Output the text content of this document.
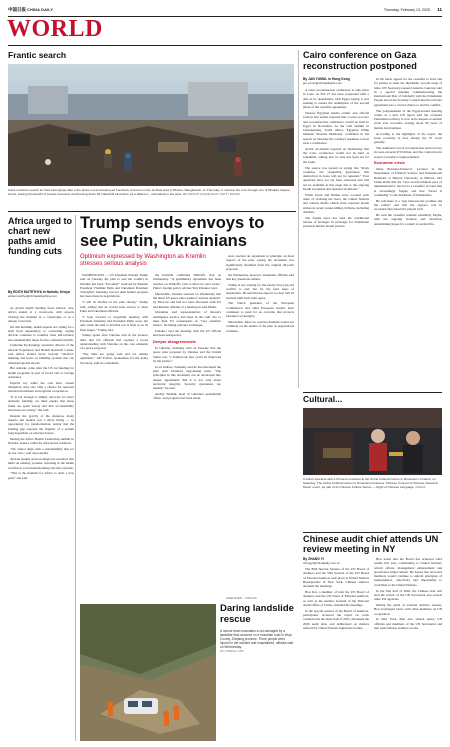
中国日报 CHINA DAILY	Thursday, February 13, 2025 11
WORLD
Frantic search
Gaza residents search for their belongings after a fire broke out and destroyed hundreds of homes in the al-Sisat area in Bhaina, Bangladesh, on Thursday. A massive fire tore through one of Dhaka's largest slums, leaving thousands of people homeless and burning down 48 makeshift structures (of a different... estimated) in the area. MD RAFAYAT HAQUE KHAN / GETTY IMAGES
Cairo conference on Gaza reconstruction postponed
By JAN YUMUL in Hong Kong
jan.yumul@chinadailyhk.com

A Gaza reconstruction conference to take place in Cairo on Feb 27 has been postponed until a date to be determined, with Egypt saying it was seeking to ensure the resumption of the second phase of the ceasefire agreement.

Various Egyptian media outlets and official sources had earlier reported that a Gaza recovery and reconstruction conference would be held in Egypt in November. At the G20 summit in Johannesburg, South Africa, Egyptian Prime Minister Mostafa Madbouly confirmed in his speech on Saturday his country's readiness to host such a conference.

Arabic Al-Ahram reported on Wednesday that the Cairo conference would not be held as scheduled, adding that no date has been set for the event.

The source was quoted as saying that "many countries are requesting guarantees that destruction in Gaza will not be repeated." Your questions have not yet been answered and will not be available at this stage due to the ongoing Israeli escalation and repeated violations."

While Israel and Hamas have accused each other of violating the truce, the United Nations and various media outlets have reported Israeli strikes in recent weeks killing civilians, including children.

The fragile truce has seen the conditional release of hostages in exchange for Palestinian prisoners held in Israeli prisons.

In his latest appeal for the ceasefire to hold and for parties to enter the diplomatic second stage of talks, UN Secretary-General Antonio Guterres said in a special meeting commemorating the International Day of Solidarity with the Palestinian People and at the Security Council that the October agreement was a crucial chance to end the conflict.

The postponement of the Egypt-hosted meeting comes as a new UN report said the occupied Palestinian territory is now in its deepest economic crisis ever recorded, erasing about 69 years of human development.

According to the highlights of the report, the Gaza economy is now among the 10 worst globally.

The estimated cost of reconstruction and recovery in Gaza exceeds $70 billion, and the contraction in Gaza's economy is unprecedented.

Economic crisis

Omar Bertrand-Jurinovic, Lecturer in the Department of Political Science and International Relations at Hebron University in Hebron, told China Daily that the "slow and incomplete pace of implementation" has led to a ceasefire in Gaza that is exceedingly fragile, and that "Israel is continuing" to the detriment of Palestinians.

He said there is a "gap between the promise and the reality" and that the region's role in reconstruction should be played well.

He said the ceasefire remains extremely fragile, with the ongoing violence and violations undermining hopes for a return to normal life.

Africa urged to chart new paths amid funding cuts
By EDITH MUTETHYA in Nairobi, Kenya
editemutethya@chinadailyafrica.com

As global health funding faces historic cuts, Africa stands at a crossroads, with experts viewing the moment as a catastrophe or as a unique correction.

On that hardship, health experts are calling for a shift from dependency to ownership, urging African countries to redefine what self-reliance and sustainability mean for the continent's health.

Catherine Kyobutungi, executive director of the African Population and Health Research Center, said Africa should move beyond "aid-first" thinking and focus on building systems that can withstand global shocks.

Her remarks come after the US cut funding for health programs as part of broad cuts to foreign assistance.

Experts say while the cuts have caused disruption, they also offer a chance for renewed national investment and regional cooperation.

"It is not enough to simply advocate for more domestic funding; we must ensure that those funds are spent wisely and that accountability structures are strong," she said.

Despite the gravity of the situation, many experts and leaders saw a silver lining — an opportunity for transformation, noting that the funding gap exposed the fragility of a system long dependent on external donors.

During the Africa Health Leadership summit in Nairobi, leaders called for African-led solutions.

"We cannot align with a sustainability that we do not own," said one panelist.

African leaders stress homegrown solutions that build on existing systems, investing in the health workforce, local manufacturing and data systems.

"This is the moment for Africa to chart a new path," she said.

Trump sends envoys to see Putin, Ukrainians
Optimism expressed by Washington as Kremlin stresses serious analysis

WASHINGTON — US President Donald Trump said on Tuesday his plan to end the conflict in Ukraine has been "favorably" received by Russian President Vladimir Putin and Ukrainian President Volodymyr Zelensky, but not until further progress has been made in negotiations.

"I will be briefed on the plan shortly," Trump said, adding that he would send envoys to meet Putin and Ukrainian officials.

"I look forward to hopefully meeting with President Zelensky and President Putin soon, but only when the deal to end this war is final or, in its final stages," Trump said.

Trump spoke after Ukraine said in the Geneva talks that US officials had reached a broad understanding with Ukraine on the core elements of a peace proposal.

"The talks are going well and we remain optimistic," Jeff Forbes, spokesman for the Army Secretary, said in a statement.

the Kremlin confirmed Witkoff's visit on Wednesday. "A preliminary agreement has been reached on Witkoff's visit to Moscow next week," Putin's foreign policy adviser Yuri Ushakov said.

Meanwhile, Ukraine stressed on Wednesday that the latest US peace plan required "serious analysis" by Moscow and had not been discussed with US and Russian officials at a meeting in Abu Dhabi.

Ukrainian said representatives of Russia's intelligence service had been in the Gulf city to meet their US counterparts on "very sensitive issues", including prisoner exchanges.

Ushakov said the meeting with the US official had been unexpected.

Deeper disagreements

In Ukraine, Zelensky said on Tuesday that the peace plan prepared by Ukraine and the United States was "a framework that could be improved by the parties."

In an address, Zelensky said he had discussed the plan with Ukraine's negotiating team. "The principles in this document can be developed into deeper agreements. But it is not only about territorial integrity. Security guarantees are needed," he said.

Andriy Yermak, head of Ukraine's presidential office, said progress had been made.

ators reached an agreement in principle on most aspects of the plan, saying the document was significantly modified from the original 28-point proposal.

On Wednesday, however, Ukrainian officials said that key questions remain.

Trump is not waiting for the nearly four-year-old conflict to end, but for the next steps of negotiation. He said that he expects no deal will be reached until both sides agree.

The Dutch president of the European Commission and other European leaders have continued to push for an outcome that protects Ukraine's sovereignty.

Meanwhile, Moscow said the Kremlin would not comment on the details of the plan as negotiations continue.

AGENCIES - XINHUA
Daring landslide rescue
A rescue team evacuates a car damaged by a landslide that occurred on a mountain road in Wuyi County, Zhejiang province. Three people were injured in the incident and hospitalized, officials said on Wednesday.
AP / XINHUA / CFP
Cultural...
A visitor interacts with a Chinese musician at the China Cultural Center in Rovaniemi, Finland, on Saturday. The China Cultural Center in Rovaniemi hosted a 'Chinese Concert of Chinese Classical Music' event, as part of its Chinese Culture Series — Night of Chinese Language. XINHUA
Chinese audit chief attends UN review meeting in NY
By ZHANG YI
zhangyi@chinadaily.com.cn

The 80th Special Session of the UN Board of Auditors and the 55th Session of the UN Board of External Auditors took place at United Nations Headquarters in New York. Chinese auditors attended the meetings.

Hou Kai, a member of both the UN Board of Auditors and the UN Panel of External Auditors, as well as the Auditor General of the National Audit Office of China, attended the meetings.

In the special session of the Board of Auditors, participants reviewed the report on work conducted in the latter half of 2025, discussed the 2026 audit plan, and deliberated on matters referred by United Nations legislative bodies.

Hou noted that the Board has achieved solid results this year, contributing to United Nations' reform efforts, management enhancement and governance improvement. He hoped that all board members would continue to uphold principles of independence, objectivity and impartiality to contribute to the United Nations.

In the first half of 2026, the Chinese side will lead the review of the UN Secretariat and several other UN agencies.

During the panel of external auditors session, Hou exchanged views with other members on UN cooperation.

In New York, Hou also visited senior UN officials and members of the UN Secretariat and met with Chinese auditors on site.
